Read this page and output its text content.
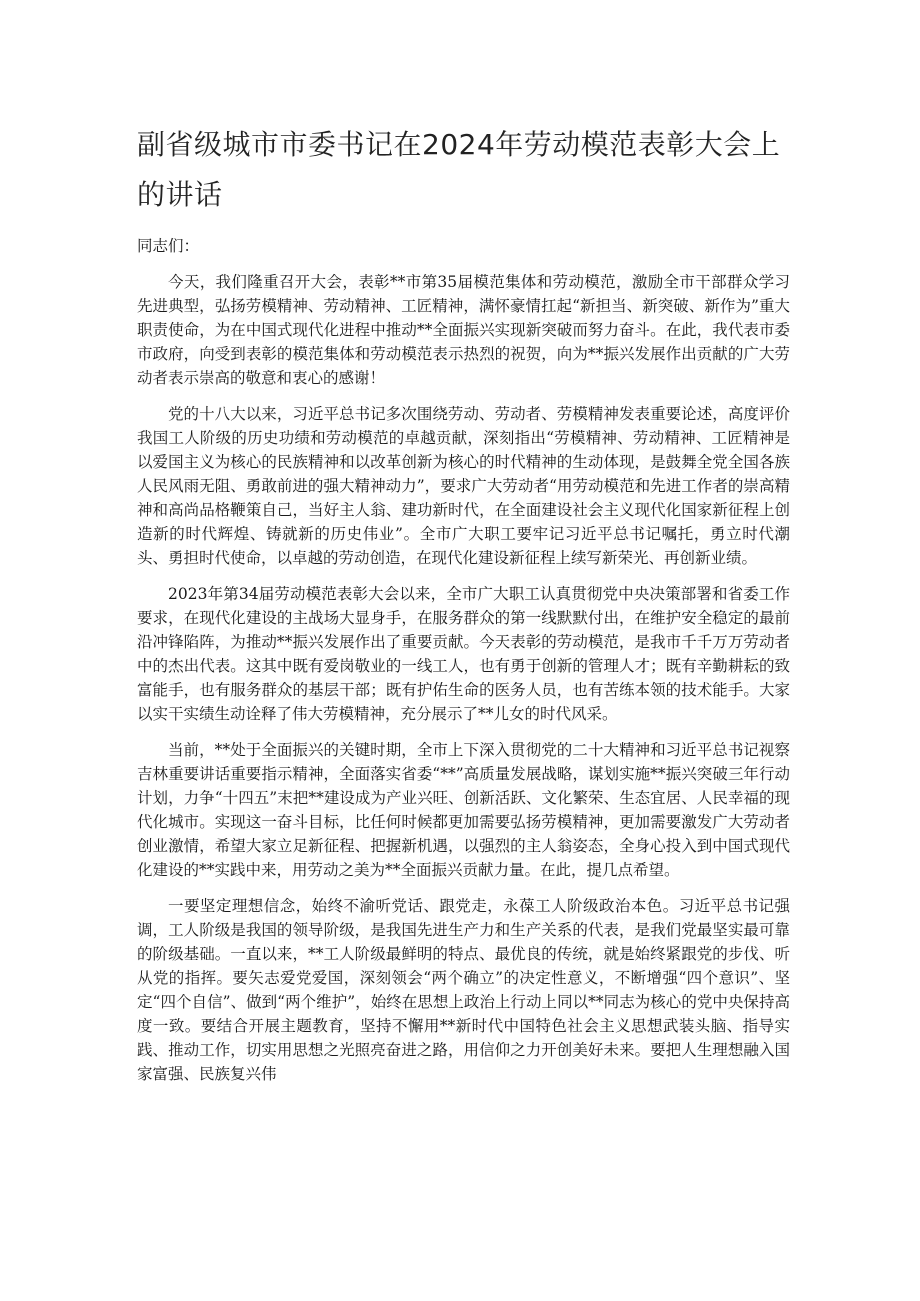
副省级城市市委书记在2024年劳动模范表彰大会上的讲话

同志们：

今天，我们隆重召开大会，表彰**市第35届模范集体和劳动模范，激励全市干部群众学习先进典型，弘扬劳模精神、劳动精神、工匠精神，满怀豪情扛起“新担当、新突破、新作为”重大职责使命，为在中国式现代化进程中推动**全面振兴实现新突破而努力奋斗。在此，我代表市委市政府，向受到表彰的模范集体和劳动模范表示热烈的祝贺，向为**振兴发展作出贡献的广大劳动者表示崇高的敬意和衷心的感谢！

党的十八大以来，习近平总书记多次围绕劳动、劳动者、劳模精神发表重要论述，高度评价我国工人阶级的历史功绩和劳动模范的卓越贡献，深刻指出“劳模精神、劳动精神、工匠精神是以爱国主义为核心的民族精神和以改革创新为核心的时代精神的生动体现，是鼓舞全党全国各族人民风雨无阻、勇敢前进的强大精神动力”，要求广大劳动者“用劳动模范和先进工作者的崇高精神和高尚品格鞭策自己，当好主人翁、建功新时代，在全面建设社会主义现代化国家新征程上创造新的时代辉煌、铸就新的历史伟业”。全市广大职工要牢记习近平总书记嘱托，勇立时代潮头、勇担时代使命，以卓越的劳动创造，在现代化建设新征程上续写新荣光、再创新业绩。

2023年第34届劳动模范表彰大会以来，全市广大职工认真贯彻党中央决策部署和省委工作要求，在现代化建设的主战场大显身手，在服务群众的第一线默默付出，在维护安全稳定的最前沿冲锋陷阵，为推动**振兴发展作出了重要贡献。今天表彰的劳动模范，是我市千千万万劳动者中的杰出代表。这其中既有爱岗敬业的一线工人，也有勇于创新的管理人才；既有辛勤耕耘的致富能手，也有服务群众的基层干部；既有护佑生命的医务人员，也有苦练本领的技术能手。大家以实干实绩生动诠释了伟大劳模精神，充分展示了**儿女的时代风采。

当前，**处于全面振兴的关键时期，全市上下深入贯彻党的二十大精神和习近平总书记视察吉林重要讲话重要指示精神，全面落实省委“**”高质量发展战略，谋划实施**振兴突破三年行动计划，力争“十四五”末把**建设成为产业兴旺、创新活跃、文化繁荣、生态宜居、人民幸福的现代化城市。实现这一奋斗目标，比任何时候都更加需要弘扬劳模精神，更加需要激发广大劳动者创业激情，希望大家立足新征程、把握新机遇，以强烈的主人翁姿态，全身心投入到中国式现代化建设的**实践中来，用劳动之美为**全面振兴贡献力量。在此，提几点希望。

一要坚定理想信念，始终不渝听党话、跟党走，永葆工人阶级政治本色。习近平总书记强调，工人阶级是我国的领导阶级，是我国先进生产力和生产关系的代表，是我们党最坚实最可靠的阶级基础。一直以来，**工人阶级最鲜明的特点、最优良的传统，就是始终紧跟党的步伐、听从党的指挥。要矢志爱党爱国，深刻领会“两个确立”的决定性意义，不断增强“四个意识”、坚定“四个自信”、做到“两个维护”，始终在思想上政治上行动上同以**同志为核心的党中央保持高度一致。要结合开展主题教育，坚持不懈用**新时代中国特色社会主义思想武装头脑、指导实践、推动工作，切实用思想之光照亮奋进之路，用信仰之力开创美好未来。要把人生理想融入国家富强、民族复兴伟
